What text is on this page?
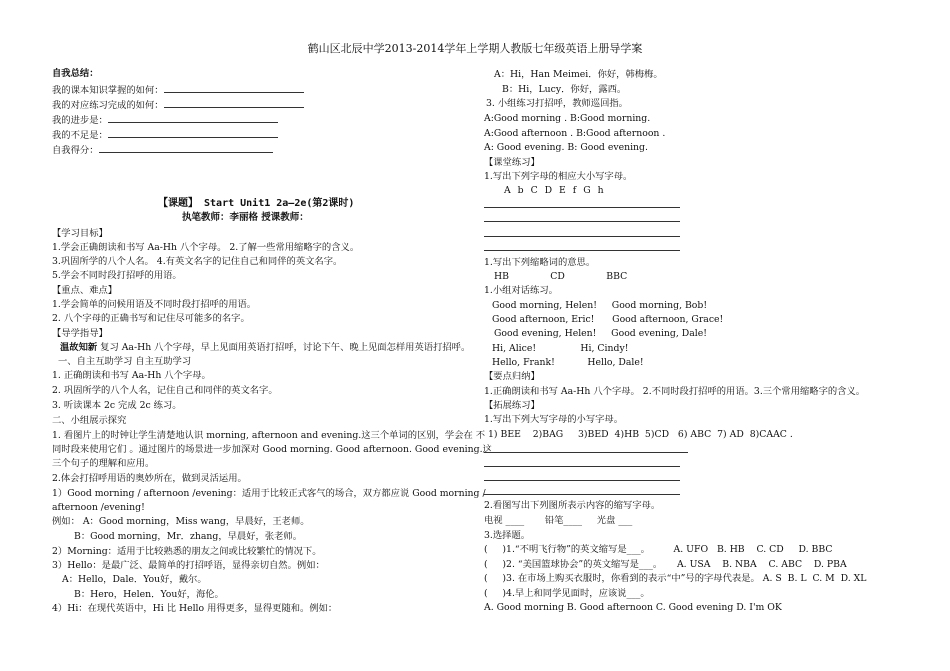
鹤山区北辰中学2013-2014学年上学期人教版七年级英语上册导学案
自我总结：
我的课本知识掌握的如何：
我的对应练习完成的如何：
我的进步是：
我的不足是：
自我得分：
【课题】 Start Unit1 2a—2e(第2课时)
执笔教师：李丽格 授课教师：
【学习目标】
1.学会正确朗读和书写 Aa-Hh 八个字母。 2.了解一些常用缩略字的含义。
3.巩固所学的八个人名。 4.有英文名字的记住自己和同伴的英文名字。
5.学会不同时段打招呼的用语。
【重点、难点】
1.学会简单的问候用语及不同时段打招呼的用语。
2. 八个字母的正确书写和记住尽可能多的名字。
【导学指导】
温故知新 复习 Aa-Hh 八个字母，早上见面用英语打招呼，讨论下午、晚上见面怎样用英语打招呼。
一、自主互助学习 自主互助学习
1. 正确朗读和书写 Aa-Hh 八个字母。
2. 巩固所学的八个人名，记住自己和同伴的英文名字。
3. 听读课本 2c 完成 2c 练习。
二、小组展示探究
1. 看图片上的时钟让学生清楚地认识 morning, afternoon and evening.这三个单词的区别，学会在 不
同时段来使用它们 。通过图片的场景进一步加深对 Good morning. Good afternoon. Good evening.这
三个句子的理解和应用。
2.体会打招呼用语的奥妙所在，做到灵活运用。
1）Good morning / afternoon /evening：适用于比较正式客气的场合，双方都应说 Good morning /
afternoon /evening!
例如： A：Good morning，Miss wang，早晨好，王老师。
B：Good morning，Mr．zhang，早晨好，张老师。
2）Morning：适用于比较熟悉的朋友之间或比较繁忙的情况下。
3）Hello：是最广泛、最简单的打招呼语，显得亲切自然。例如：
A：Hello，Dale．You好，戴尔。
B：Hero，Helen．You好，海伦。
4）Hi：在现代英语中，Hi 比 Hello 用得更多，显得更随和。例如：
A：Hi，Han Meimei．你好，韩梅梅。
B：Hi，Lucy．你好，露西。
3. 小组练习打招呼，教师巡回指。
A:Good morning . B:Good morning.
A:Good afternoon . B:Good afternoon .
A: Good evening. B: Good evening.
【课堂练习】
1.写出下列字母的相应大小写字母。
A b C D E f G h
1.写出下列缩略词的意思。
HB              CD              BBC
1.小组对话练习。
Good morning, Helen!     Good morning, Bob!
Good afternoon, Eric!      Good afternoon, Grace!
Good evening, Helen!     Good evening, Dale!
Hi, Alice!               Hi, Cindy!
Hello, Frank!           Hello, Dale!
【要点归纳】
1.正确朗读和书写 Aa-Hh 八个字母。 2.不同时段打招呼的用语。3.三个常用缩略字的含义。
【拓展练习】
1.写出下列大写字母的小写字母。
1) BEE    2)BAG     3)BED  4)HB  5)CD   6) ABC  7) AD  8)CAAC .
2.看图写出下列图所表示内容的缩写字母。
电视 ____       铅笔____     光盘 ___
3.选择题。
(     )1.“不明飞行物”的英文缩写是___。        A. UFO   B. HB    C. CD     D. BBC
(     )2. “美国篮球协会”的英文缩写是___。     A. USA    B. NBA    C. ABC    D. PBA
(     )3. 在市场上购买衣服时，你看到的表示“中”号的字母代表是。 A. S  B. L  C. M  D. XL
(     )4.早上和同学见面时，应该说___。
A. Good morning B. Good afternoon C. Good evening D. I'm OK
